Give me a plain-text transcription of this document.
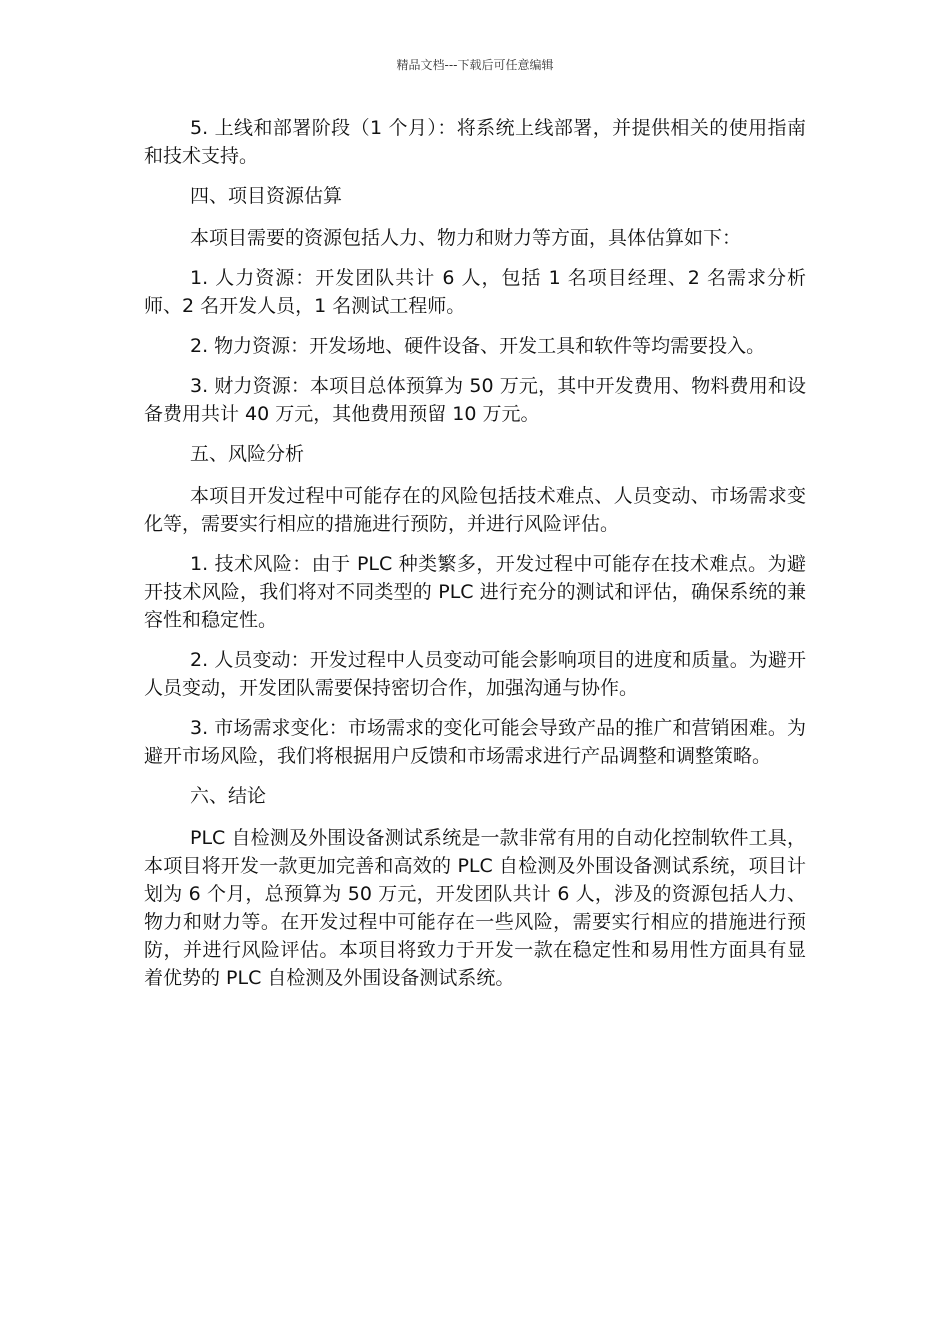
精品文档---下载后可任意编辑

5. 上线和部署阶段（1 个月）：将系统上线部署，并提供相关的使用指南和技术支持。

四、项目资源估算

本项目需要的资源包括人力、物力和财力等方面，具体估算如下：

1. 人力资源：开发团队共计 6 人，包括 1 名项目经理、2 名需求分析师、2 名开发人员，1 名测试工程师。

2. 物力资源：开发场地、硬件设备、开发工具和软件等均需要投入。

3. 财力资源：本项目总体预算为 50 万元，其中开发费用、物料费用和设备费用共计 40 万元，其他费用预留 10 万元。

五、风险分析

本项目开发过程中可能存在的风险包括技术难点、人员变动、市场需求变化等，需要实行相应的措施进行预防，并进行风险评估。

1. 技术风险：由于 PLC 种类繁多，开发过程中可能存在技术难点。为避开技术风险，我们将对不同类型的 PLC 进行充分的测试和评估，确保系统的兼容性和稳定性。

2. 人员变动：开发过程中人员变动可能会影响项目的进度和质量。为避开人员变动，开发团队需要保持密切合作，加强沟通与协作。

3. 市场需求变化：市场需求的变化可能会导致产品的推广和营销困难。为避开市场风险，我们将根据用户反馈和市场需求进行产品调整和调整策略。

六、结论

PLC 自检测及外围设备测试系统是一款非常有用的自动化控制软件工具，本项目将开发一款更加完善和高效的 PLC 自检测及外围设备测试系统，项目计划为 6 个月，总预算为 50 万元，开发团队共计 6 人，涉及的资源包括人力、物力和财力等。在开发过程中可能存在一些风险，需要实行相应的措施进行预防，并进行风险评估。本项目将致力于开发一款在稳定性和易用性方面具有显着优势的 PLC 自检测及外围设备测试系统。
